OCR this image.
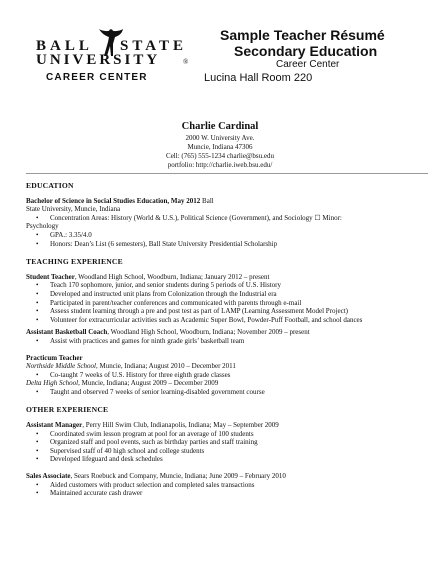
BALL STATE
UNIVERSITY	®
CAREER CENTER
Sample Teacher Résumé
Secondary Education
Career Center
Lucina Hall Room 220
Charlie Cardinal
2000 W. University Ave.
Muncie, Indiana 47306
Cell: (765) 555-1234 charlie@bsu.edu
portfolio: http://charlie.iweb.bsu.edu/
EDUCATION

Bachelor of Science in Social Studies Education, May 2012 Ball

State University, Muncie, Indiana

• Concentration Areas: History (World & U.S.), Political Science (Government), and Sociology ☐ Minor:

Psychology

• GPA.: 3.35/4.0
• Honors: Dean’s List (6 semesters), Ball State University Presidential Scholarship
TEACHING EXPERIENCE

Student Teacher, Woodland High School, Woodburn, Indiana; January 2012 – present

• Teach 170 sophomore, junior, and senior students during 5 periods of U.S. History
• Developed and instructed unit plans from Colonization through the Industrial era
• Participated in parent/teacher conferences and communicated with parents through e-mail
• Assess student learning through a pre and post test as part of LAMP (Learning Assessment Model Project)
• Volunteer for extracurricular activities such as Academic Super Bowl, Powder-Puff Football, and school dances

Assistant Basketball Coach, Woodland High School, Woodburn, Indiana; November 2009 – present

• Assist with practices and games for ninth grade girls’ basketball team

Practicum Teacher

Northside Middle School, Muncie, Indiana; August 2010 – December 2011

• Co-taught 7 weeks of U.S. History for three eighth grade classes

Delta High School, Muncie, Indiana; August 2009 – December 2009

• Taught and observed 7 weeks of senior learning-disabled government course
OTHER EXPERIENCE

Assistant Manager, Perry Hill Swim Club, Indianapolis, Indiana; May – September 2009

• Coordinated swim lesson program at pool for an average of 100 students
• Organized staff and pool events, such as birthday parties and staff training
• Supervised staff of 40 high school and college students
• Developed lifeguard and desk schedules

Sales Associate, Sears Roebuck and Company, Muncie, Indiana; June 2009 – February 2010

• Aided customers with product selection and completed sales transactions
• Maintained accurate cash drawer
